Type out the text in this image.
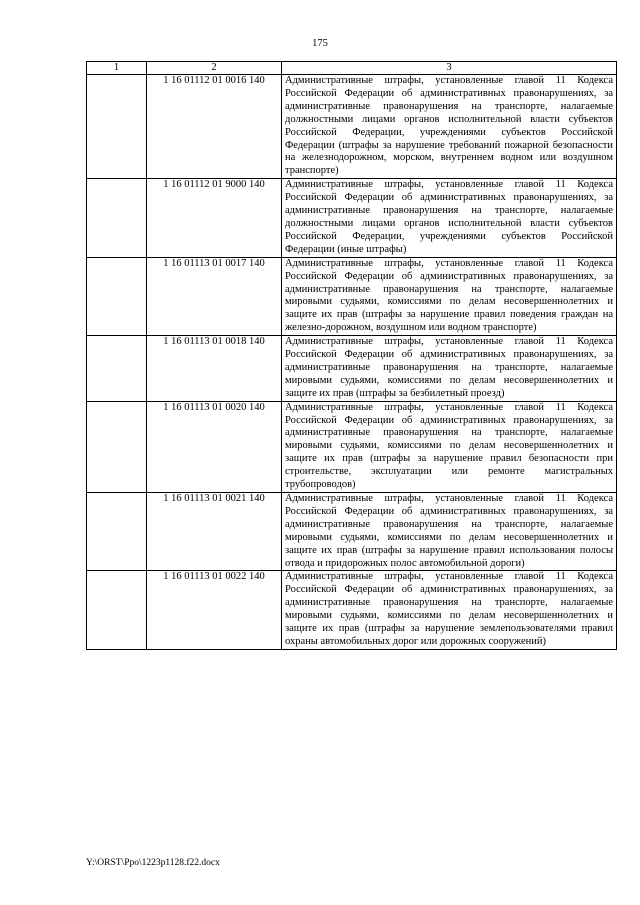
175
1	2	3
	1 16 01112 01 0016 140	Административные штрафы, установленные главой 11 Кодекса Российской Федерации об административных правонарушениях, за административные правонарушения на транспорте, налагаемые должностными лицами органов исполнительной власти субъектов Российской Федерации, учреждениями субъектов Российской Федерации (штрафы за нарушение требований пожарной безопасности на железнодорожном, морском, внутреннем водном или воздушном транспорте)
	1 16 01112 01 9000 140	Административные штрафы, установленные главой 11 Кодекса Российской Федерации об административных правонарушениях, за административные правонарушения на транспорте, налагаемые должностными лицами органов исполнительной власти субъектов Российской Федерации, учреждениями субъектов Российской Федерации (иные штрафы)
	1 16 01113 01 0017 140	Административные штрафы, установленные главой 11 Кодекса Российской Федерации об административных правонарушениях, за административные правонарушения на транспорте, налагаемые мировыми судьями, комиссиями по делам несовершеннолетних и защите их прав (штрафы за нарушение правил поведения граждан на железно-дорожном, воздушном или водном транспорте)
	1 16 01113 01 0018 140	Административные штрафы, установленные главой 11 Кодекса Российской Федерации об административных правонарушениях, за административные правонарушения на транспорте, налагаемые мировыми судьями, комиссиями по делам несовершеннолетних и защите их прав (штрафы за безбилетный проезд)
	1 16 01113 01 0020 140	Административные штрафы, установленные главой 11 Кодекса Российской Федерации об административных правонарушениях, за административные правонарушения на транспорте, налагаемые мировыми судьями, комиссиями по делам несовершеннолетних и защите их прав (штрафы за нарушение правил безопасности при строительстве, эксплуатации или ремонте магистральных трубопроводов)
	1 16 01113 01 0021 140	Административные штрафы, установленные главой 11 Кодекса Российской Федерации об административных правонарушениях, за административные правонарушения на транспорте, налагаемые мировыми судьями, комиссиями по делам несовершеннолетних и защите их прав (штрафы за нарушение правил использования полосы отвода и придорожных полос автомобильной дороги)
	1 16 01113 01 0022 140	Административные штрафы, установленные главой 11 Кодекса Российской Федерации об административных правонарушениях, за административные правонарушения на транспорте, налагаемые мировыми судьями, комиссиями по делам несовершеннолетних и защите их прав (штрафы за нарушение землепользователями правил охраны автомобильных дорог или дорожных сооружений)
Y:\ORST\Ppo\1223p1128.f22.docx
